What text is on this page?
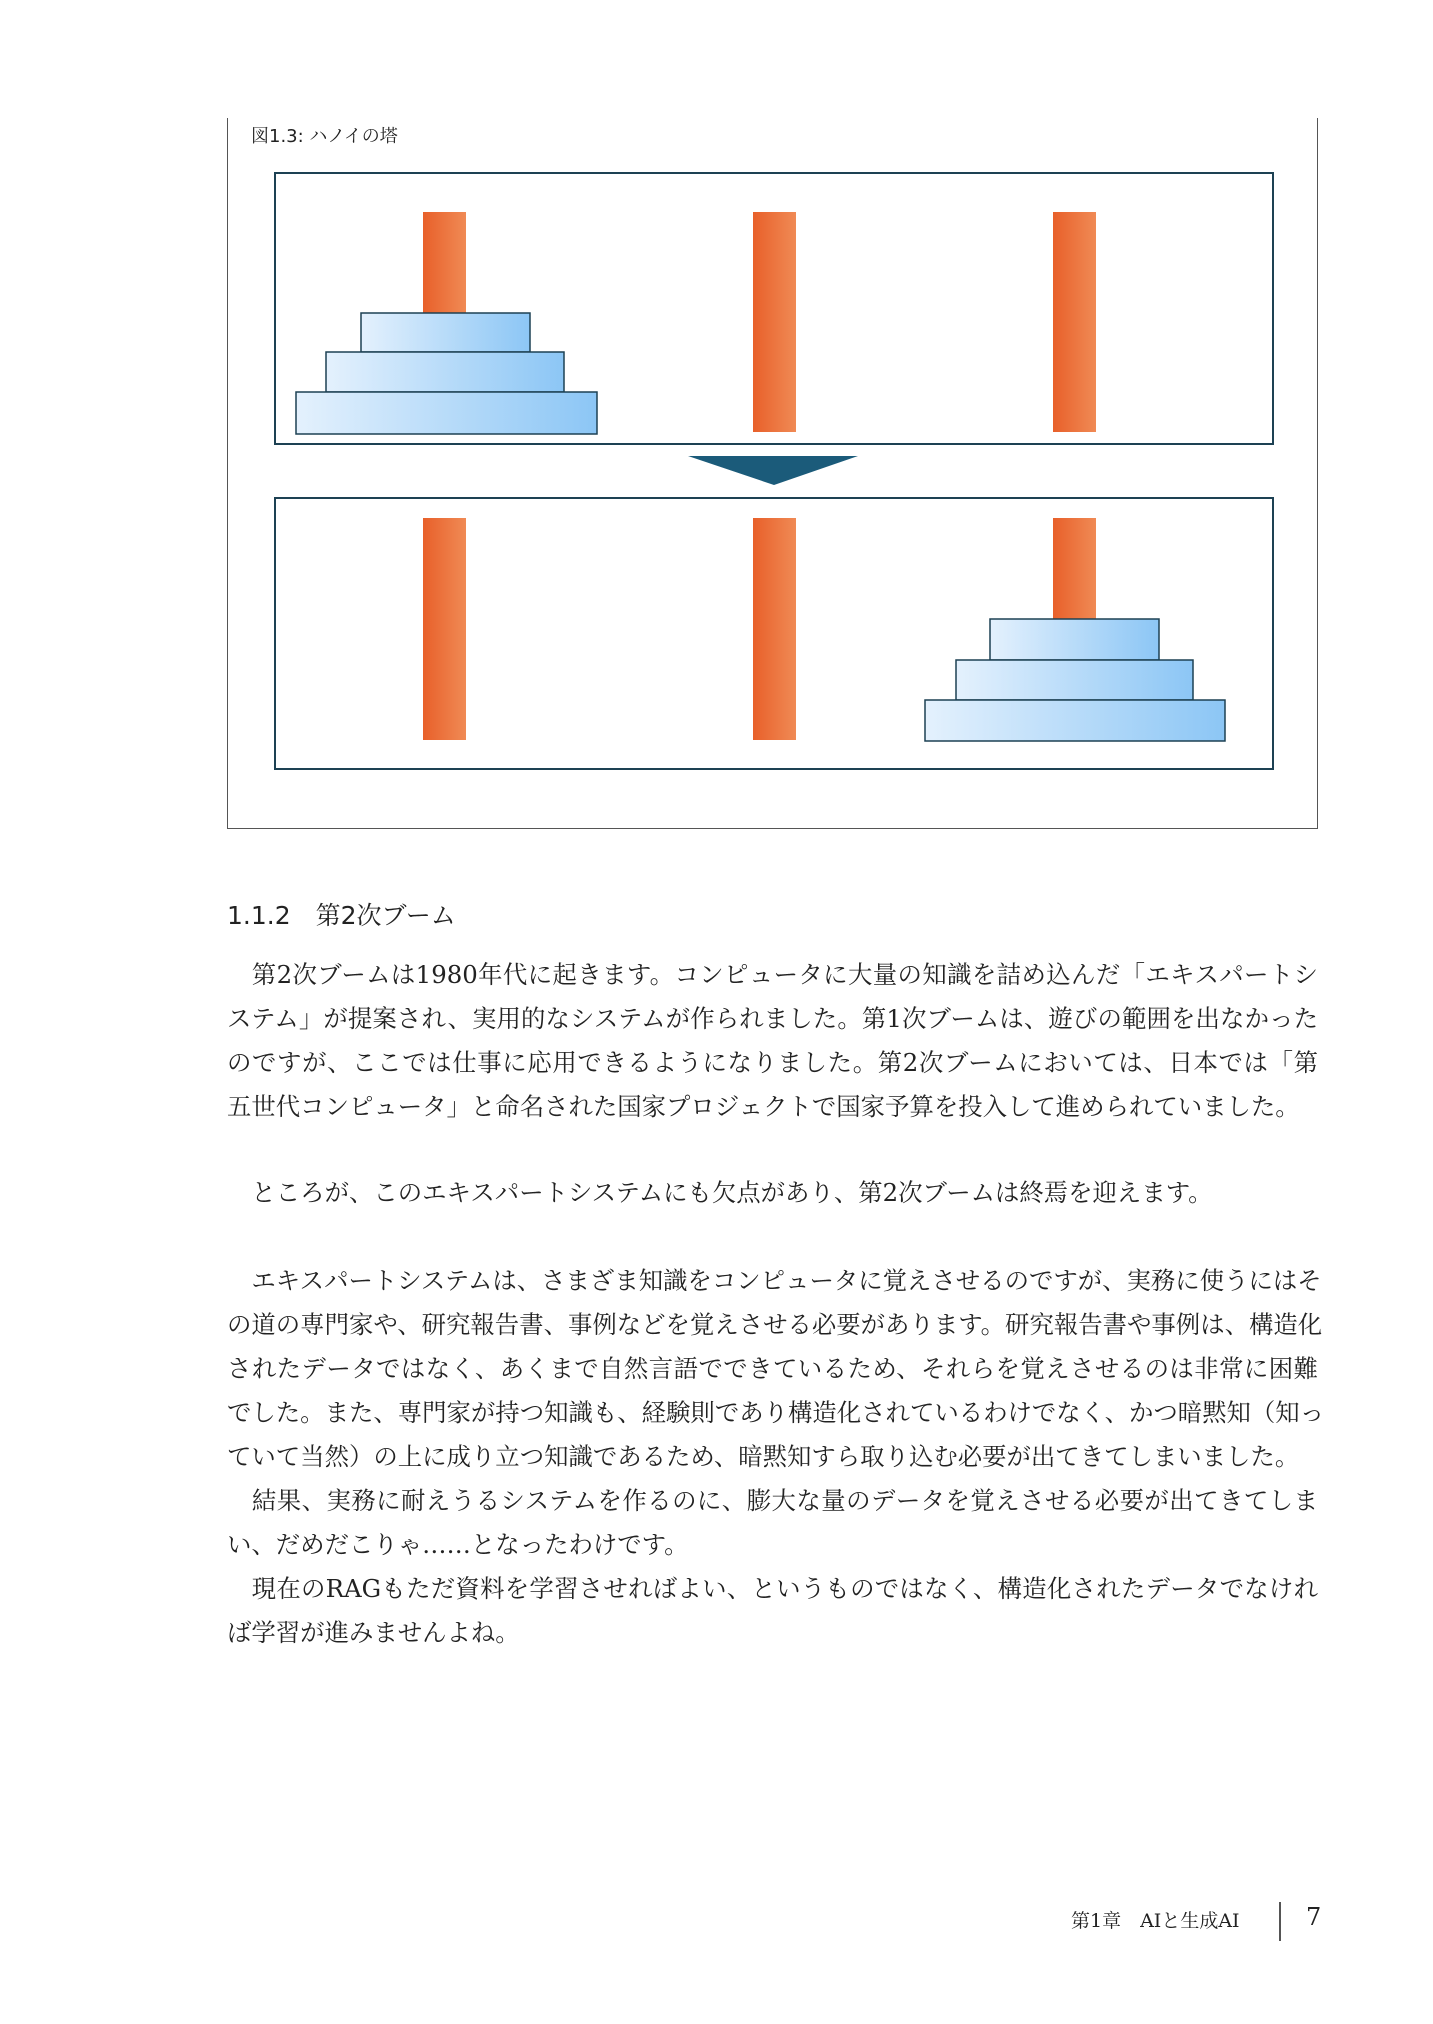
図1.3: ハノイの塔
1.1.2　第2次ブーム
　第2次ブームは1980年代に起きます。コンピュータに大量の知識を詰め込んだ「エキスパートシ
ステム」が提案され、実用的なシステムが作られました。第1次ブームは、遊びの範囲を出なかった
のですが、ここでは仕事に応用できるようになりました。第2次ブームにおいては、日本では「第
五世代コンピュータ」と命名された国家プロジェクトで国家予算を投入して進められていました。
　ところが、このエキスパートシステムにも欠点があり、第2次ブームは終焉を迎えます。
　エキスパートシステムは、さまざま知識をコンピュータに覚えさせるのですが、実務に使うにはそ
の道の専門家や、研究報告書、事例などを覚えさせる必要があります。研究報告書や事例は、構造化
されたデータではなく、あくまで自然言語でできているため、それらを覚えさせるのは非常に困難
でした。また、専門家が持つ知識も、経験則であり構造化されているわけでなく、かつ暗黙知（知っ
ていて当然）の上に成り立つ知識であるため、暗黙知すら取り込む必要が出てきてしまいました。
　結果、実務に耐えうるシステムを作るのに、膨大な量のデータを覚えさせる必要が出てきてしま
い、だめだこりゃ……となったわけです。
　現在のRAGもただ資料を学習させればよい、というものではなく、構造化されたデータでなけれ
ば学習が進みませんよね。
第1章　AIと生成AI	7
